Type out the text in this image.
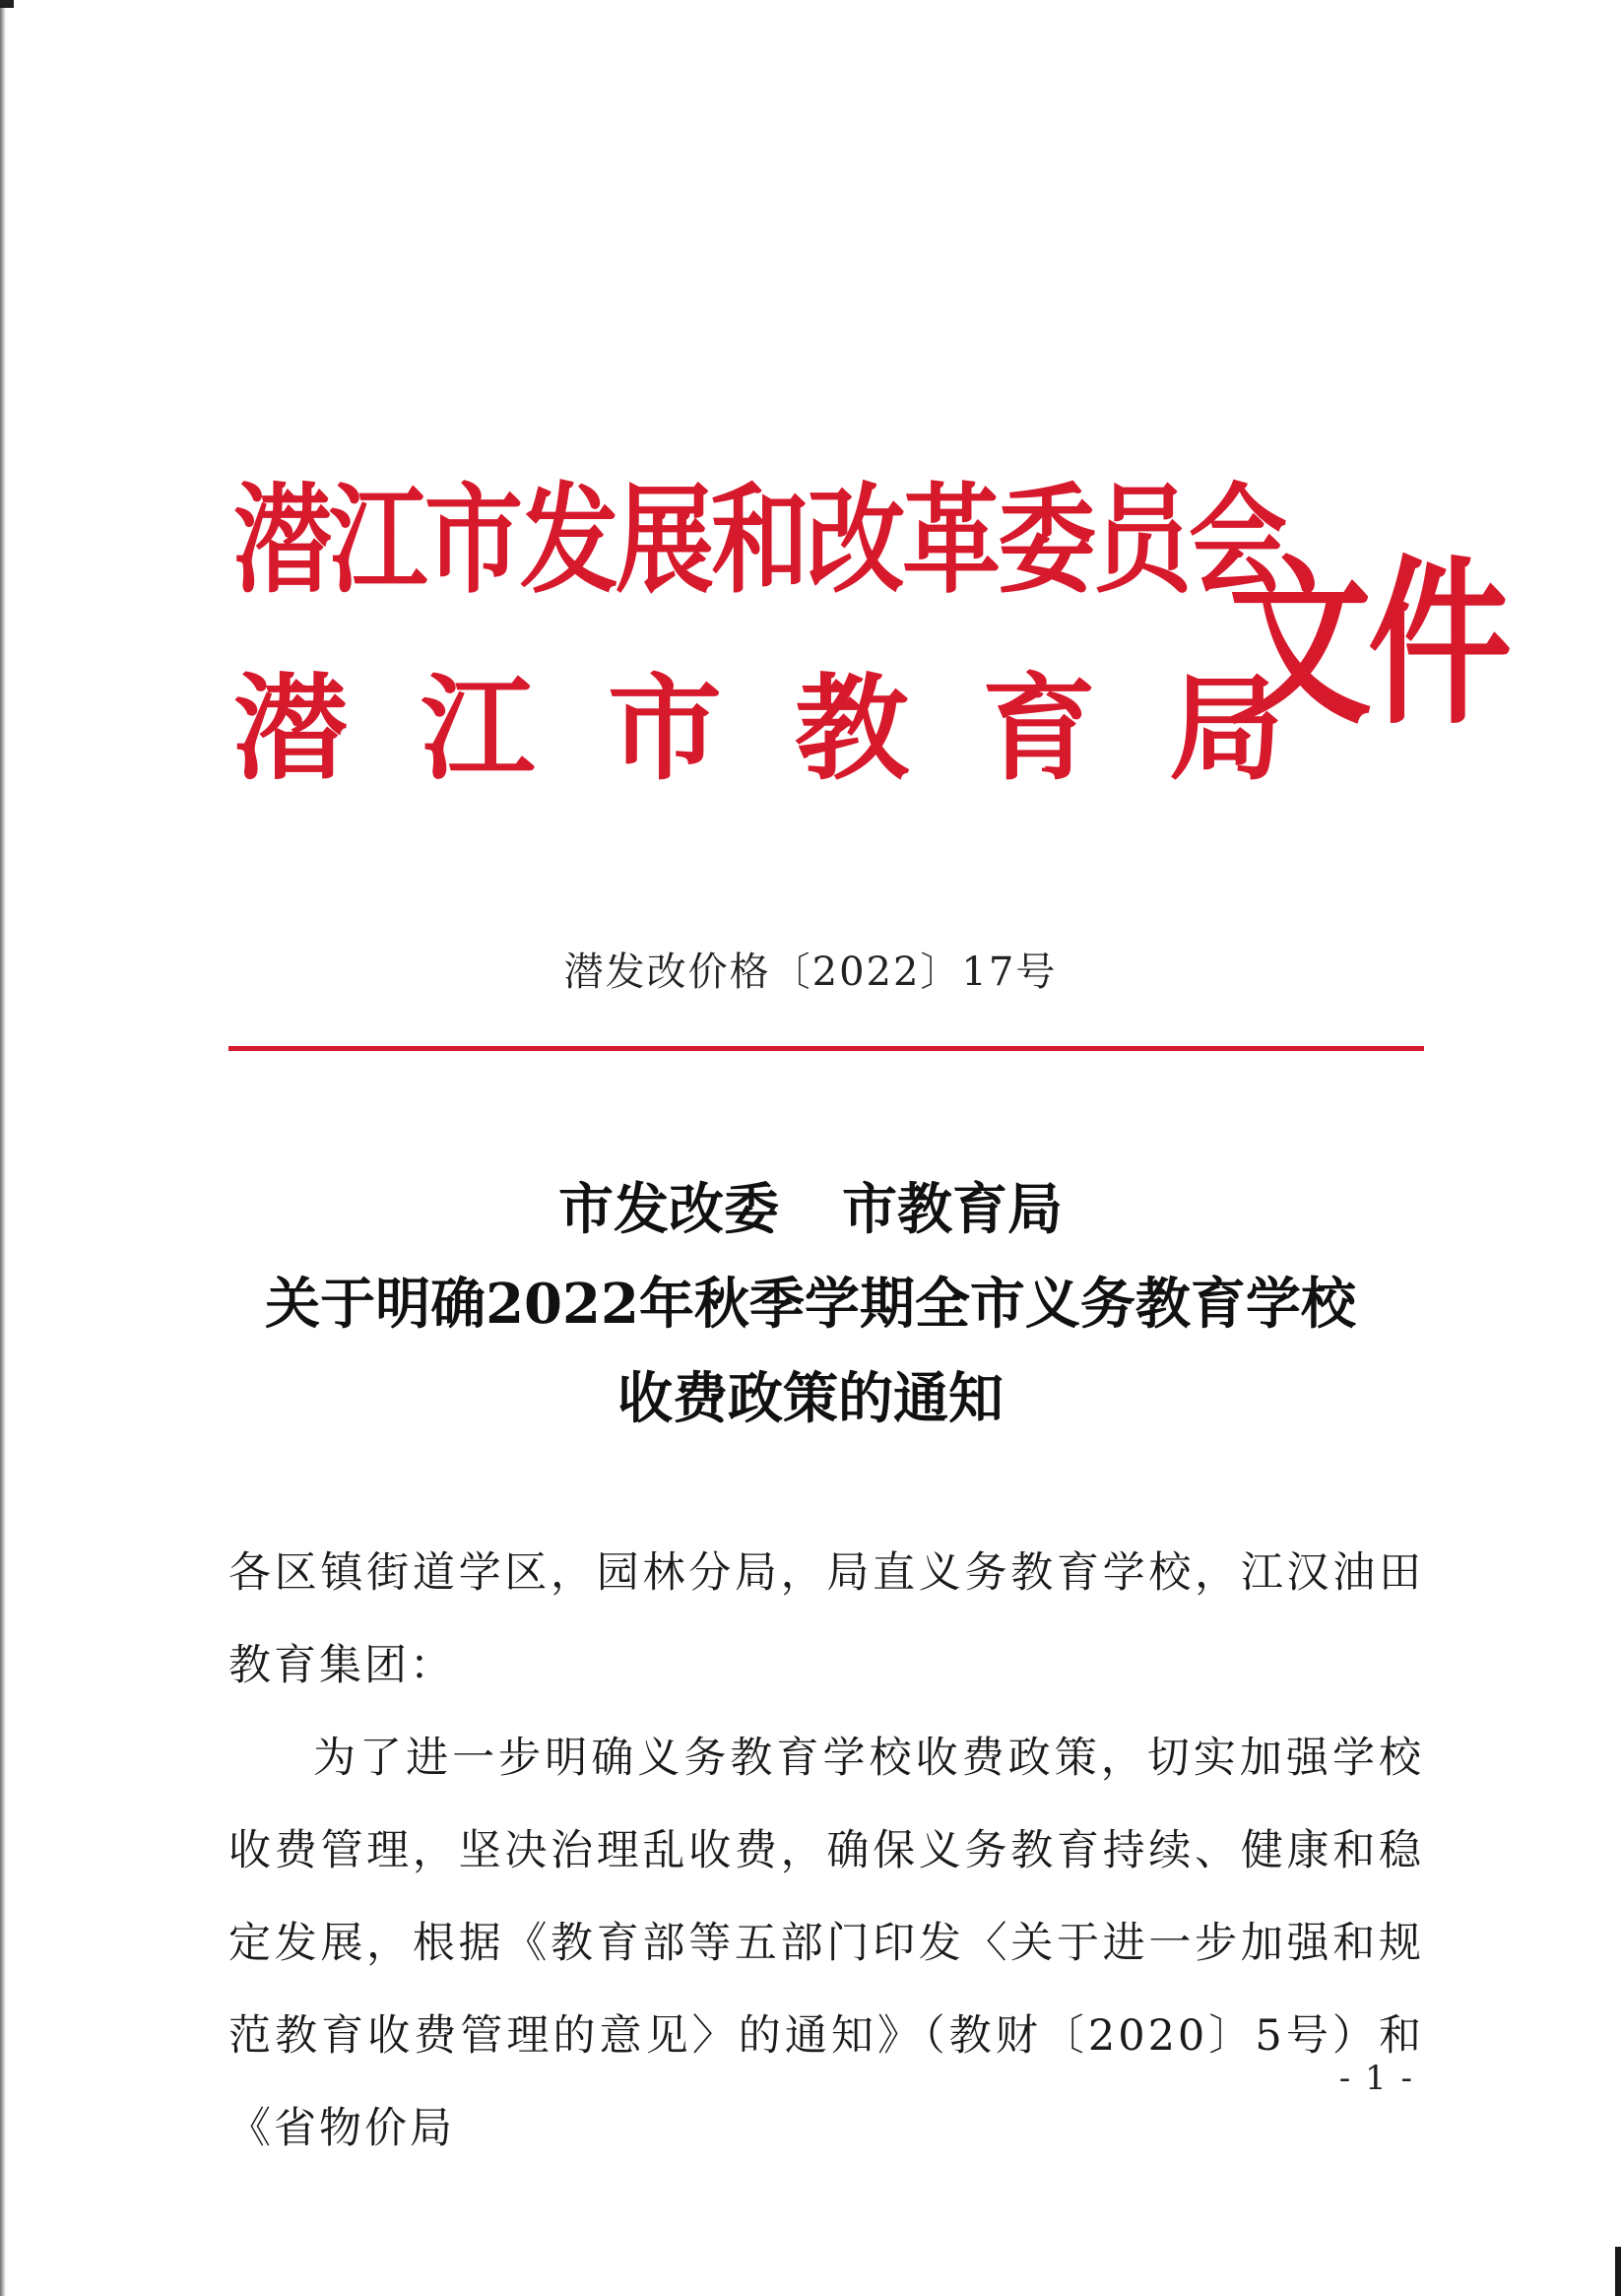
潜江市发展和改革委员会
潜江市教育局
文件
潜发改价格〔2022〕17号
市发改委 市教育局
关于明确2022年秋季学期全市义务教育学校
收费政策的通知

各区镇街道学区，园林分局，局直义务教育学校，江汉油田教育集团：

为了进一步明确义务教育学校收费政策，切实加强学校收费管理，坚决治理乱收费，确保义务教育持续、健康和稳定发展，根据《教育部等五部门印发〈关于进一步加强和规范教育收费管理的意见〉的通知》（教财〔2020〕5号）和《省物价局

- 1 -
